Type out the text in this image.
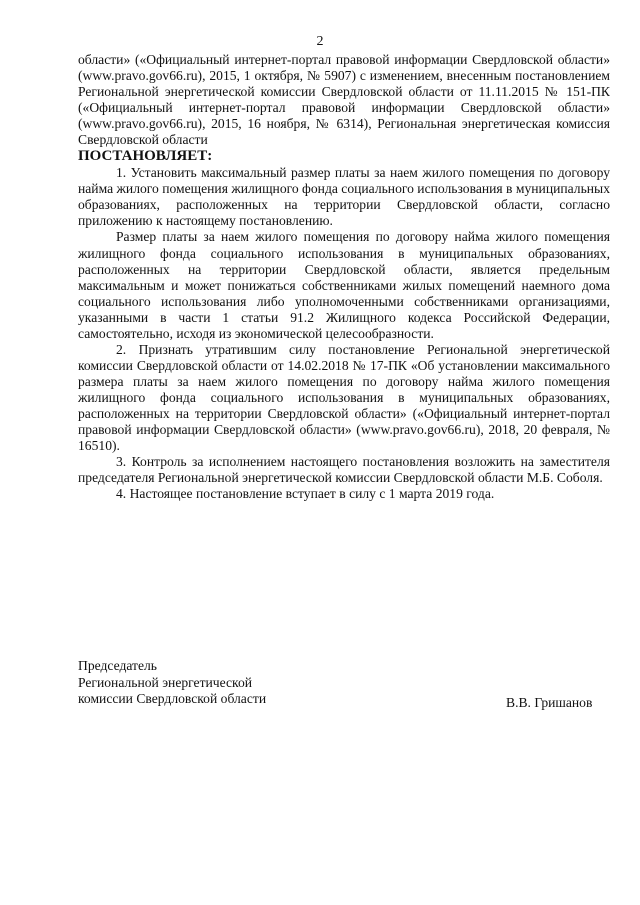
2

области» («Официальный интернет-портал правовой информации Свердловской области» (www.pravo.gov66.ru), 2015, 1 октября, № 5907) с изменением, внесенным постановлением Региональной энергетической комиссии Свердловской области от 11.11.2015 № 151-ПК («Официальный интернет-портал правовой информации Свердловской области» (www.pravo.gov66.ru), 2015, 16 ноября, № 6314), Региональная энергетическая комиссия Свердловской области

ПОСТАНОВЛЯЕТ:

1. Установить максимальный размер платы за наем жилого помещения по договору найма жилого помещения жилищного фонда социального использования в муниципальных образованиях, расположенных на территории Свердловской области, согласно приложению к настоящему постановлению.

Размер платы за наем жилого помещения по договору найма жилого помещения жилищного фонда социального использования в муниципальных образованиях, расположенных на территории Свердловской области, является предельным максимальным и может понижаться собственниками жилых помещений наемного дома социального использования либо уполномоченными собственниками организациями, указанными в части 1 статьи 91.2 Жилищного кодекса Российской Федерации, самостоятельно, исходя из экономической целесообразности.

2. Признать утратившим силу постановление Региональной энергетической комиссии Свердловской области от 14.02.2018 № 17-ПК «Об установлении максимального размера платы за наем жилого помещения по договору найма жилого помещения жилищного фонда социального использования в муниципальных образованиях, расположенных на территории Свердловской области» («Официальный интернет-портал правовой информации Свердловской области» (www.pravo.gov66.ru), 2018, 20 февраля, № 16510).

3. Контроль за исполнением настоящего постановления возложить на заместителя председателя Региональной энергетической комиссии Свердловской области М.Б. Соболя.

4. Настоящее постановление вступает в силу с 1 марта 2019 года.

Председатель
Региональной энергетической
комиссии Свердловской области	В.В. Гришанов
